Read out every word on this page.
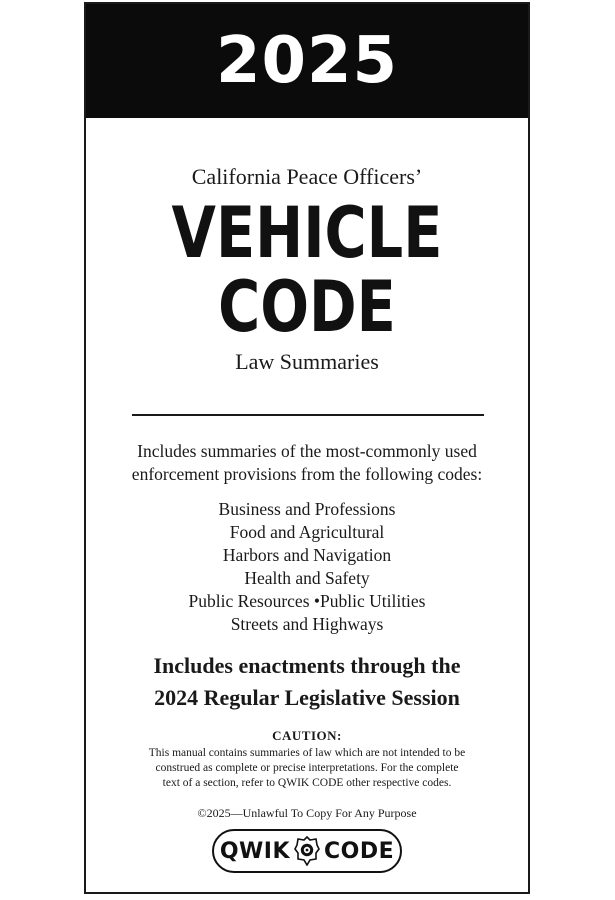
2025
California Peace Officers’
VEHICLE
CODE
Law Summaries
Includes summaries of the most-commonly used
enforcement provisions from the following codes:
Business and Professions
Food and Agricultural
Harbors and Navigation
Health and Safety
Public Resources •Public Utilities
Streets and Highways
Includes enactments through the
2024 Regular Legislative Session
CAUTION:
This manual contains summaries of law which are not intended to be
construed as complete or precise interpretations. For the complete
text of a section, refer to QWIK CODE other respective codes.
©2025—Unlawful To Copy For Any Purpose
QWIK CODE
